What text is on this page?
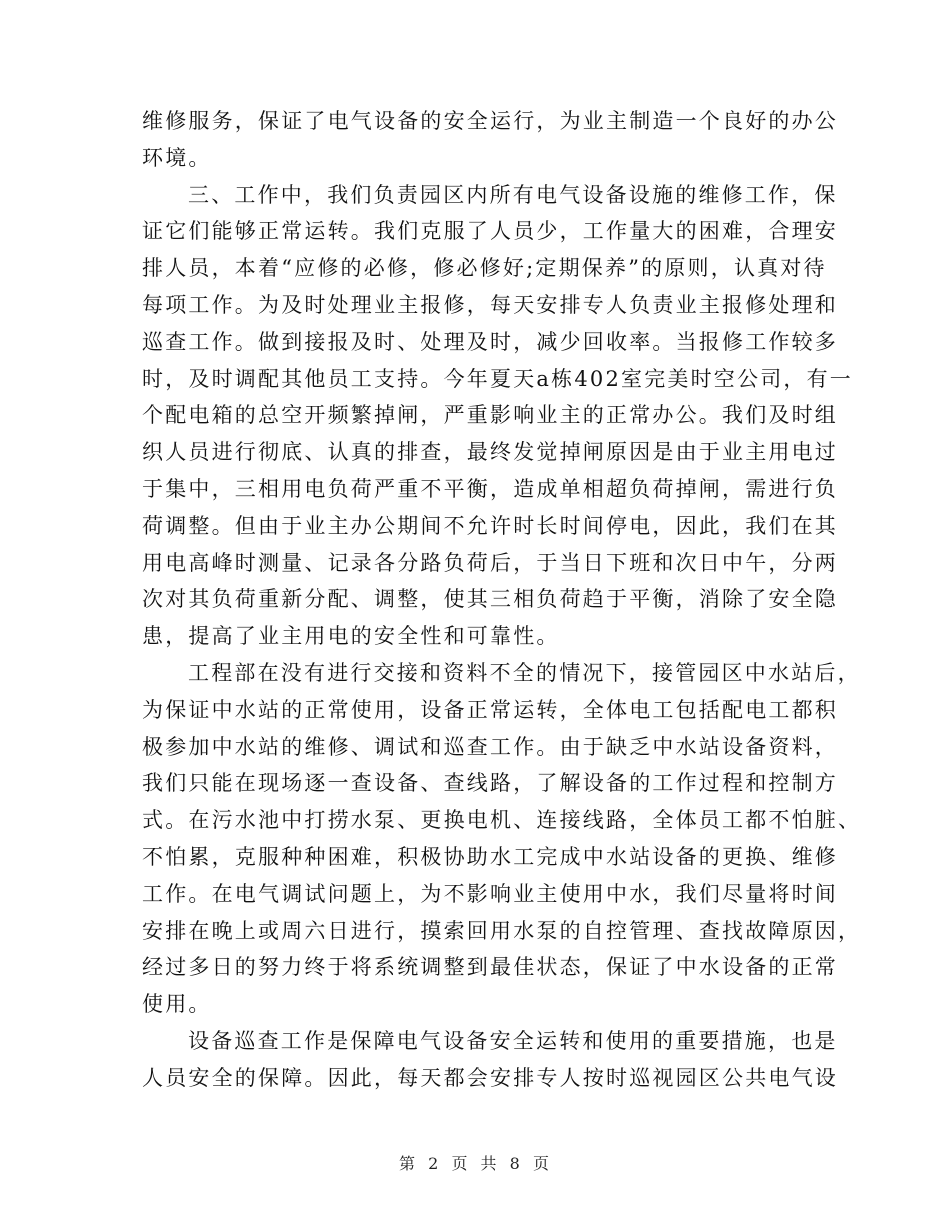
维修服务，保证了电气设备的安全运行，为业主制造一个良好的办公
环境。
三、工作中，我们负责园区内所有电气设备设施的维修工作，保
证它们能够正常运转。我们克服了人员少，工作量大的困难，合理安
排人员，本着“应修的必修，修必修好;定期保养”的原则，认真对待
每项工作。为及时处理业主报修，每天安排专人负责业主报修处理和
巡查工作。做到接报及时、处理及时，减少回收率。当报修工作较多
时，及时调配其他员工支持。今年夏天a栋402室完美时空公司，有一
个配电箱的总空开频繁掉闸，严重影响业主的正常办公。我们及时组
织人员进行彻底、认真的排查，最终发觉掉闸原因是由于业主用电过
于集中，三相用电负荷严重不平衡，造成单相超负荷掉闸，需进行负
荷调整。但由于业主办公期间不允许时长时间停电，因此，我们在其
用电高峰时测量、记录各分路负荷后，于当日下班和次日中午，分两
次对其负荷重新分配、调整，使其三相负荷趋于平衡，消除了安全隐
患，提高了业主用电的安全性和可靠性。
工程部在没有进行交接和资料不全的情况下，接管园区中水站后，
为保证中水站的正常使用，设备正常运转，全体电工包括配电工都积
极参加中水站的维修、调试和巡查工作。由于缺乏中水站设备资料，
我们只能在现场逐一查设备、查线路，了解设备的工作过程和控制方
式。在污水池中打捞水泵、更换电机、连接线路，全体员工都不怕脏、
不怕累，克服种种困难，积极协助水工完成中水站设备的更换、维修
工作。在电气调试问题上，为不影响业主使用中水，我们尽量将时间
安排在晚上或周六日进行，摸索回用水泵的自控管理、查找故障原因，
经过多日的努力终于将系统调整到最佳状态，保证了中水设备的正常
使用。
设备巡查工作是保障电气设备安全运转和使用的重要措施，也是
人员安全的保障。因此，每天都会安排专人按时巡视园区公共电气设
第 2 页 共 8 页
